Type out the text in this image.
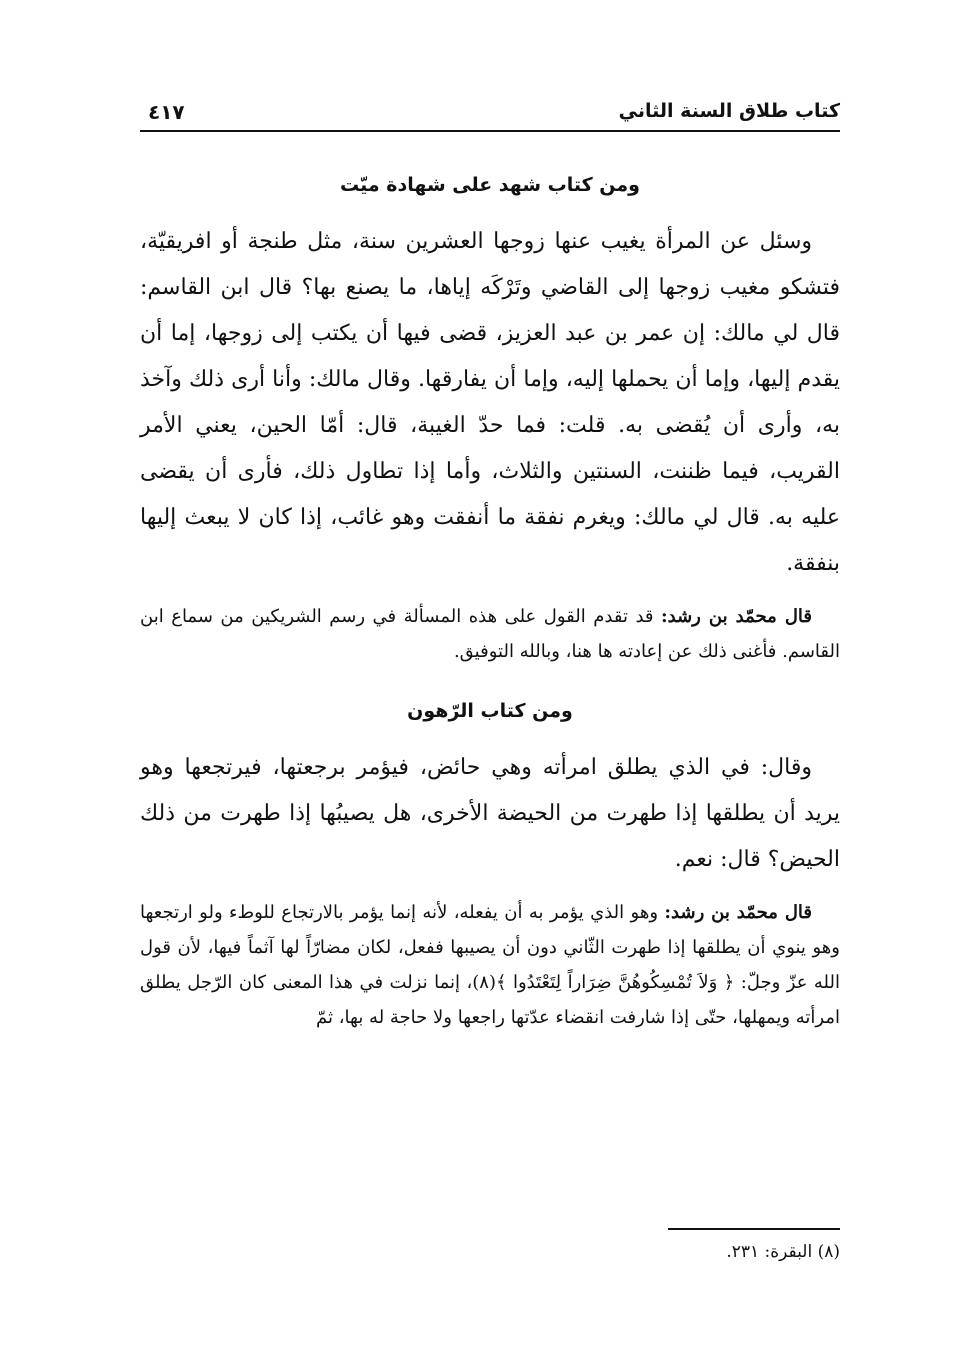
كتاب طلاق السنة الثاني
٤١٧
ومن كتاب شهد على شهادة ميّت

وسئل عن المرأة يغيب عنها زوجها العشرين سنة، مثل طنجة أو افريقيّة، فتشكو مغيب زوجها إلى القاضي وتَرْكَه إياها، ما يصنع بها؟ قال ابن القاسم: قال لي مالك: إن عمر بن عبد العزيز، قضى فيها أن يكتب إلى زوجها، إما أن يقدم إليها، وإما أن يحملها إليه، وإما أن يفارقها. وقال مالك: وأنا أرى ذلك وآخذ به، وأرى أن يُقضى به. قلت: فما حدّ الغيبة، قال: أمّا الحين، يعني الأمر القريب، فيما ظننت، السنتين والثلاث، وأما إذا تطاول ذلك، فأرى أن يقضى عليه به. قال لي مالك: ويغرم نفقة ما أنفقت وهو غائب، إذا كان لا يبعث إليها بنفقة.

قال محمّد بن رشد: قد تقدم القول على هذه المسألة في رسم الشريكين من سماع ابن القاسم. فأغنى ذلك عن إعادته ها هنا، وبالله التوفيق.

ومن كتاب الرّهون

وقال: في الذي يطلق امرأته وهي حائض، فيؤمر برجعتها، فيرتجعها وهو يريد أن يطلقها إذا طهرت من الحيضة الأخرى، هل يصيبُها إذا طهرت من ذلك الحيض؟ قال: نعم.

قال محمّد بن رشد: وهو الذي يؤمر به أن يفعله، لأنه إنما يؤمر بالارتجاع للوطء ولو ارتجعها وهو ينوي أن يطلقها إذا طهرت الثّاني دون أن يصيبها ففعل، لكان مضارّاً لها آثماً فيها، لأن قول الله عزّ وجلّ: ﴿ وَلاَ تُمْسِكُوهُنَّ ضِرَاراً لِتَعْتَدُوا ﴾(٨)، إنما نزلت في هذا المعنى كان الرّجل يطلق امرأته ويمهلها، حتّى إذا شارفت انقضاء عدّتها راجعها ولا حاجة له بها، ثمّ

(٨) البقرة: ٢٣١.
